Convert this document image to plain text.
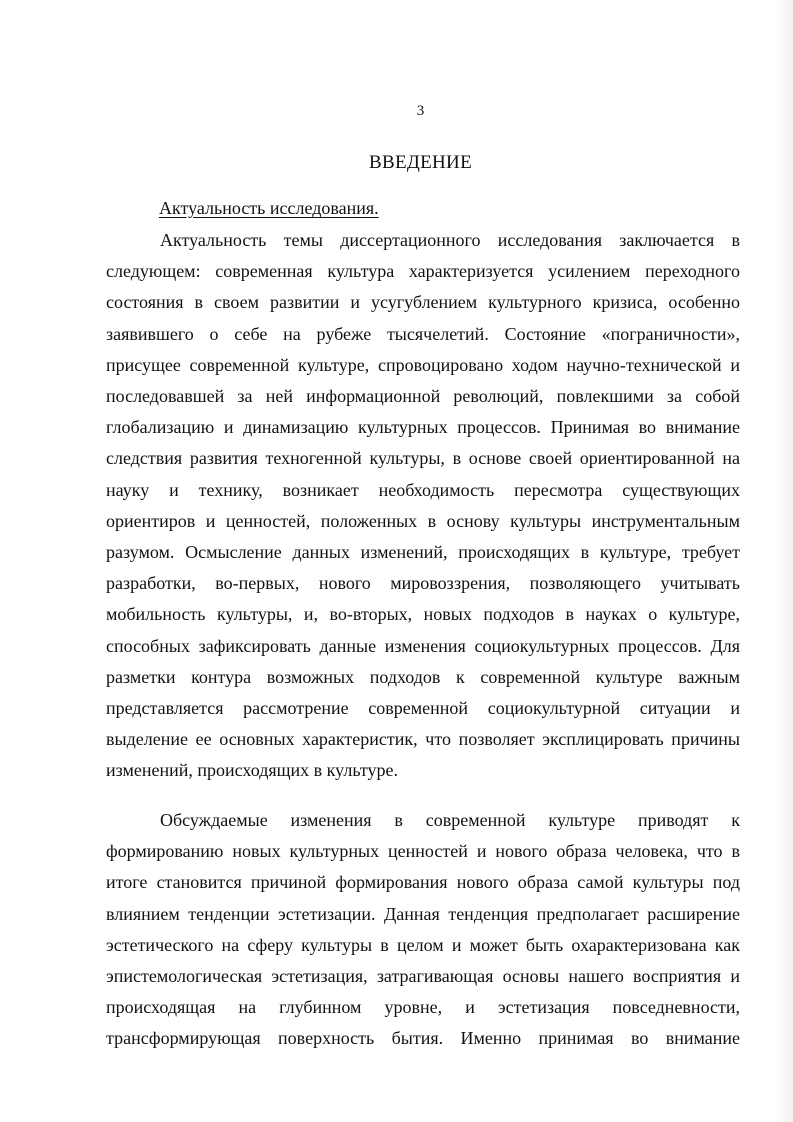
3
ВВЕДЕНИЕ
Актуальность исследования.

Актуальность темы диссертационного исследования заключается в следующем: современная культура характеризуется усилением переходного состояния в своем развитии и усугублением культурного кризиса, особенно заявившего о себе на рубеже тысячелетий. Состояние «пограничности», присущее современной культуре, спровоцировано ходом научно-технической и последовавшей за ней информационной революций, повлекшими за собой глобализацию и динамизацию культурных процессов. Принимая во внимание следствия развития техногенной культуры, в основе своей ориентированной на науку и технику, возникает необходимость пересмотра существующих ориентиров и ценностей, положенных в основу культуры инструментальным разумом. Осмысление данных изменений, происходящих в культуре, требует разработки, во-первых, нового мировоззрения, позволяющего учитывать мобильность культуры, и, во-вторых, новых подходов в науках о культуре, способных зафиксировать данные изменения социокультурных процессов. Для разметки контура возможных подходов к современной культуре важным представляется рассмотрение современной социокультурной ситуации и выделение ее основных характеристик, что позволяет эксплицировать причины изменений, происходящих в культуре.

Обсуждаемые изменения в современной культуре приводят к формированию новых культурных ценностей и нового образа человека, что в итоге становится причиной формирования нового образа самой культуры под влиянием тенденции эстетизации. Данная тенденция предполагает расширение эстетического на сферу культуры в целом и может быть охарактеризована как эпистемологическая эстетизация, затрагивающая основы нашего восприятия и происходящая на глубинном уровне, и эстетизация повседневности, трансформирующая поверхность бытия. Именно принимая во внимание
